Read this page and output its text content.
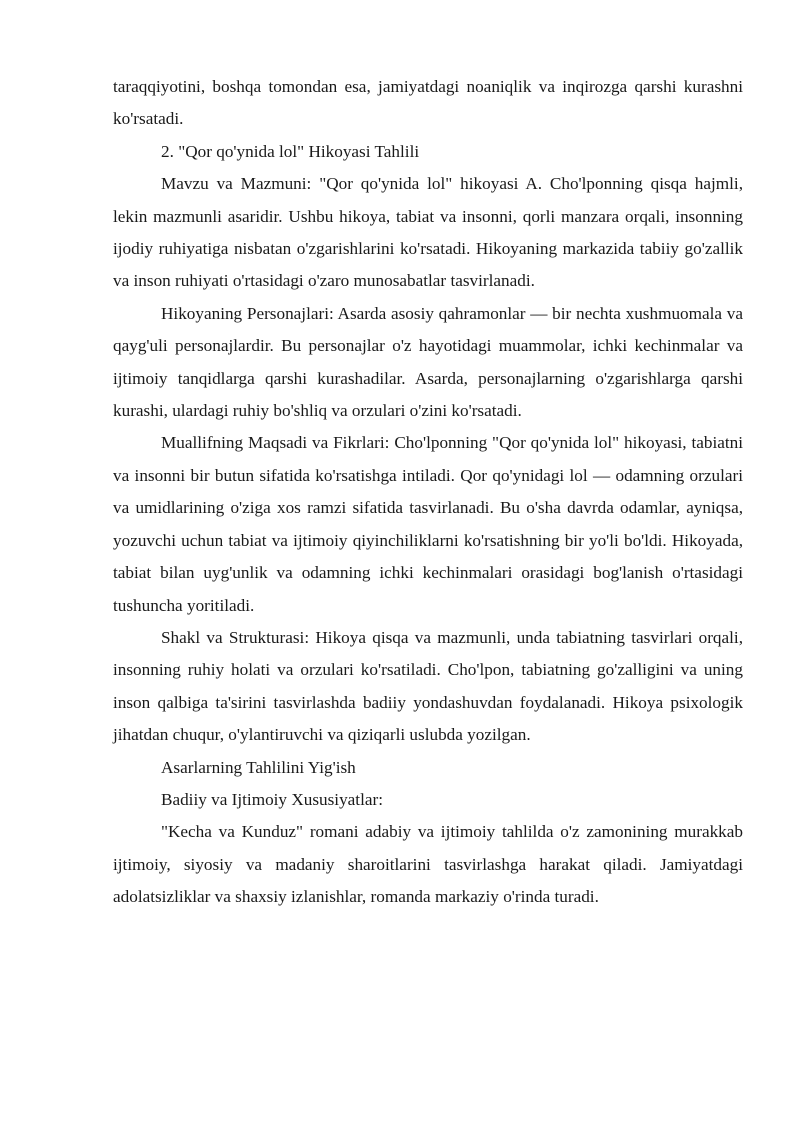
taraqqiyotini, boshqa tomondan esa, jamiyatdagi noaniqlik va inqirozga qarshi kurashni ko'rsatadi.

2. "Qor qo'ynida lol" Hikoyasi Tahlili

Mavzu va Mazmuni: "Qor qo'ynida lol" hikoyasi A. Cho'lponning qisqa hajmli, lekin mazmunli asaridir. Ushbu hikoya, tabiat va insonni, qorli manzara orqali, insonning ijodiy ruhiyatiga nisbatan o'zgarishlarini ko'rsatadi. Hikoyaning markazida tabiiy go'zallik va inson ruhiyati o'rtasidagi o'zaro munosabatlar tasvirlanadi.

Hikoyaning Personajlari: Asarda asosiy qahramonlar — bir nechta xushmuomala va qayg'uli personajlardir. Bu personajlar o'z hayotidagi muammolar, ichki kechinmalar va ijtimoiy tanqidlarga qarshi kurashadilar. Asarda, personajlarning o'zgarishlarga qarshi kurashi, ulardagi ruhiy bo'shliq va orzulari o'zini ko'rsatadi.

Muallifning Maqsadi va Fikrlari: Cho'lponning "Qor qo'ynida lol" hikoyasi, tabiatni va insonni bir butun sifatida ko'rsatishga intiladi. Qor qo'ynidagi lol — odamning orzulari va umidlarining o'ziga xos ramzi sifatida tasvirlanadi. Bu o'sha davrda odamlar, ayniqsa, yozuvchi uchun tabiat va ijtimoiy qiyinchiliklarni ko'rsatishning bir yo'li bo'ldi. Hikoyada, tabiat bilan uyg'unlik va odamning ichki kechinmalari orasidagi bog'lanish o'rtasidagi tushuncha yoritiladi.

Shakl va Strukturasi: Hikoya qisqa va mazmunli, unda tabiatning tasvirlari orqali, insonning ruhiy holati va orzulari ko'rsatiladi. Cho'lpon, tabiatning go'zalligini va uning inson qalbiga ta'sirini tasvirlashda badiiy yondashuvdan foydalanadi. Hikoya psixologik jihatdan chuqur, o'ylantiruvchi va qiziqarli uslubda yozilgan.

Asarlarning Tahlilini Yig'ish

Badiiy va Ijtimoiy Xususiyatlar:

"Kecha va Kunduz" romani adabiy va ijtimoiy tahlilda o'z zamonining murakkab ijtimoiy, siyosiy va madaniy sharoitlarini tasvirlashga harakat qiladi. Jamiyatdagi adolatsizliklar va shaxsiy izlanishlar, romanda markaziy o'rinda turadi.
